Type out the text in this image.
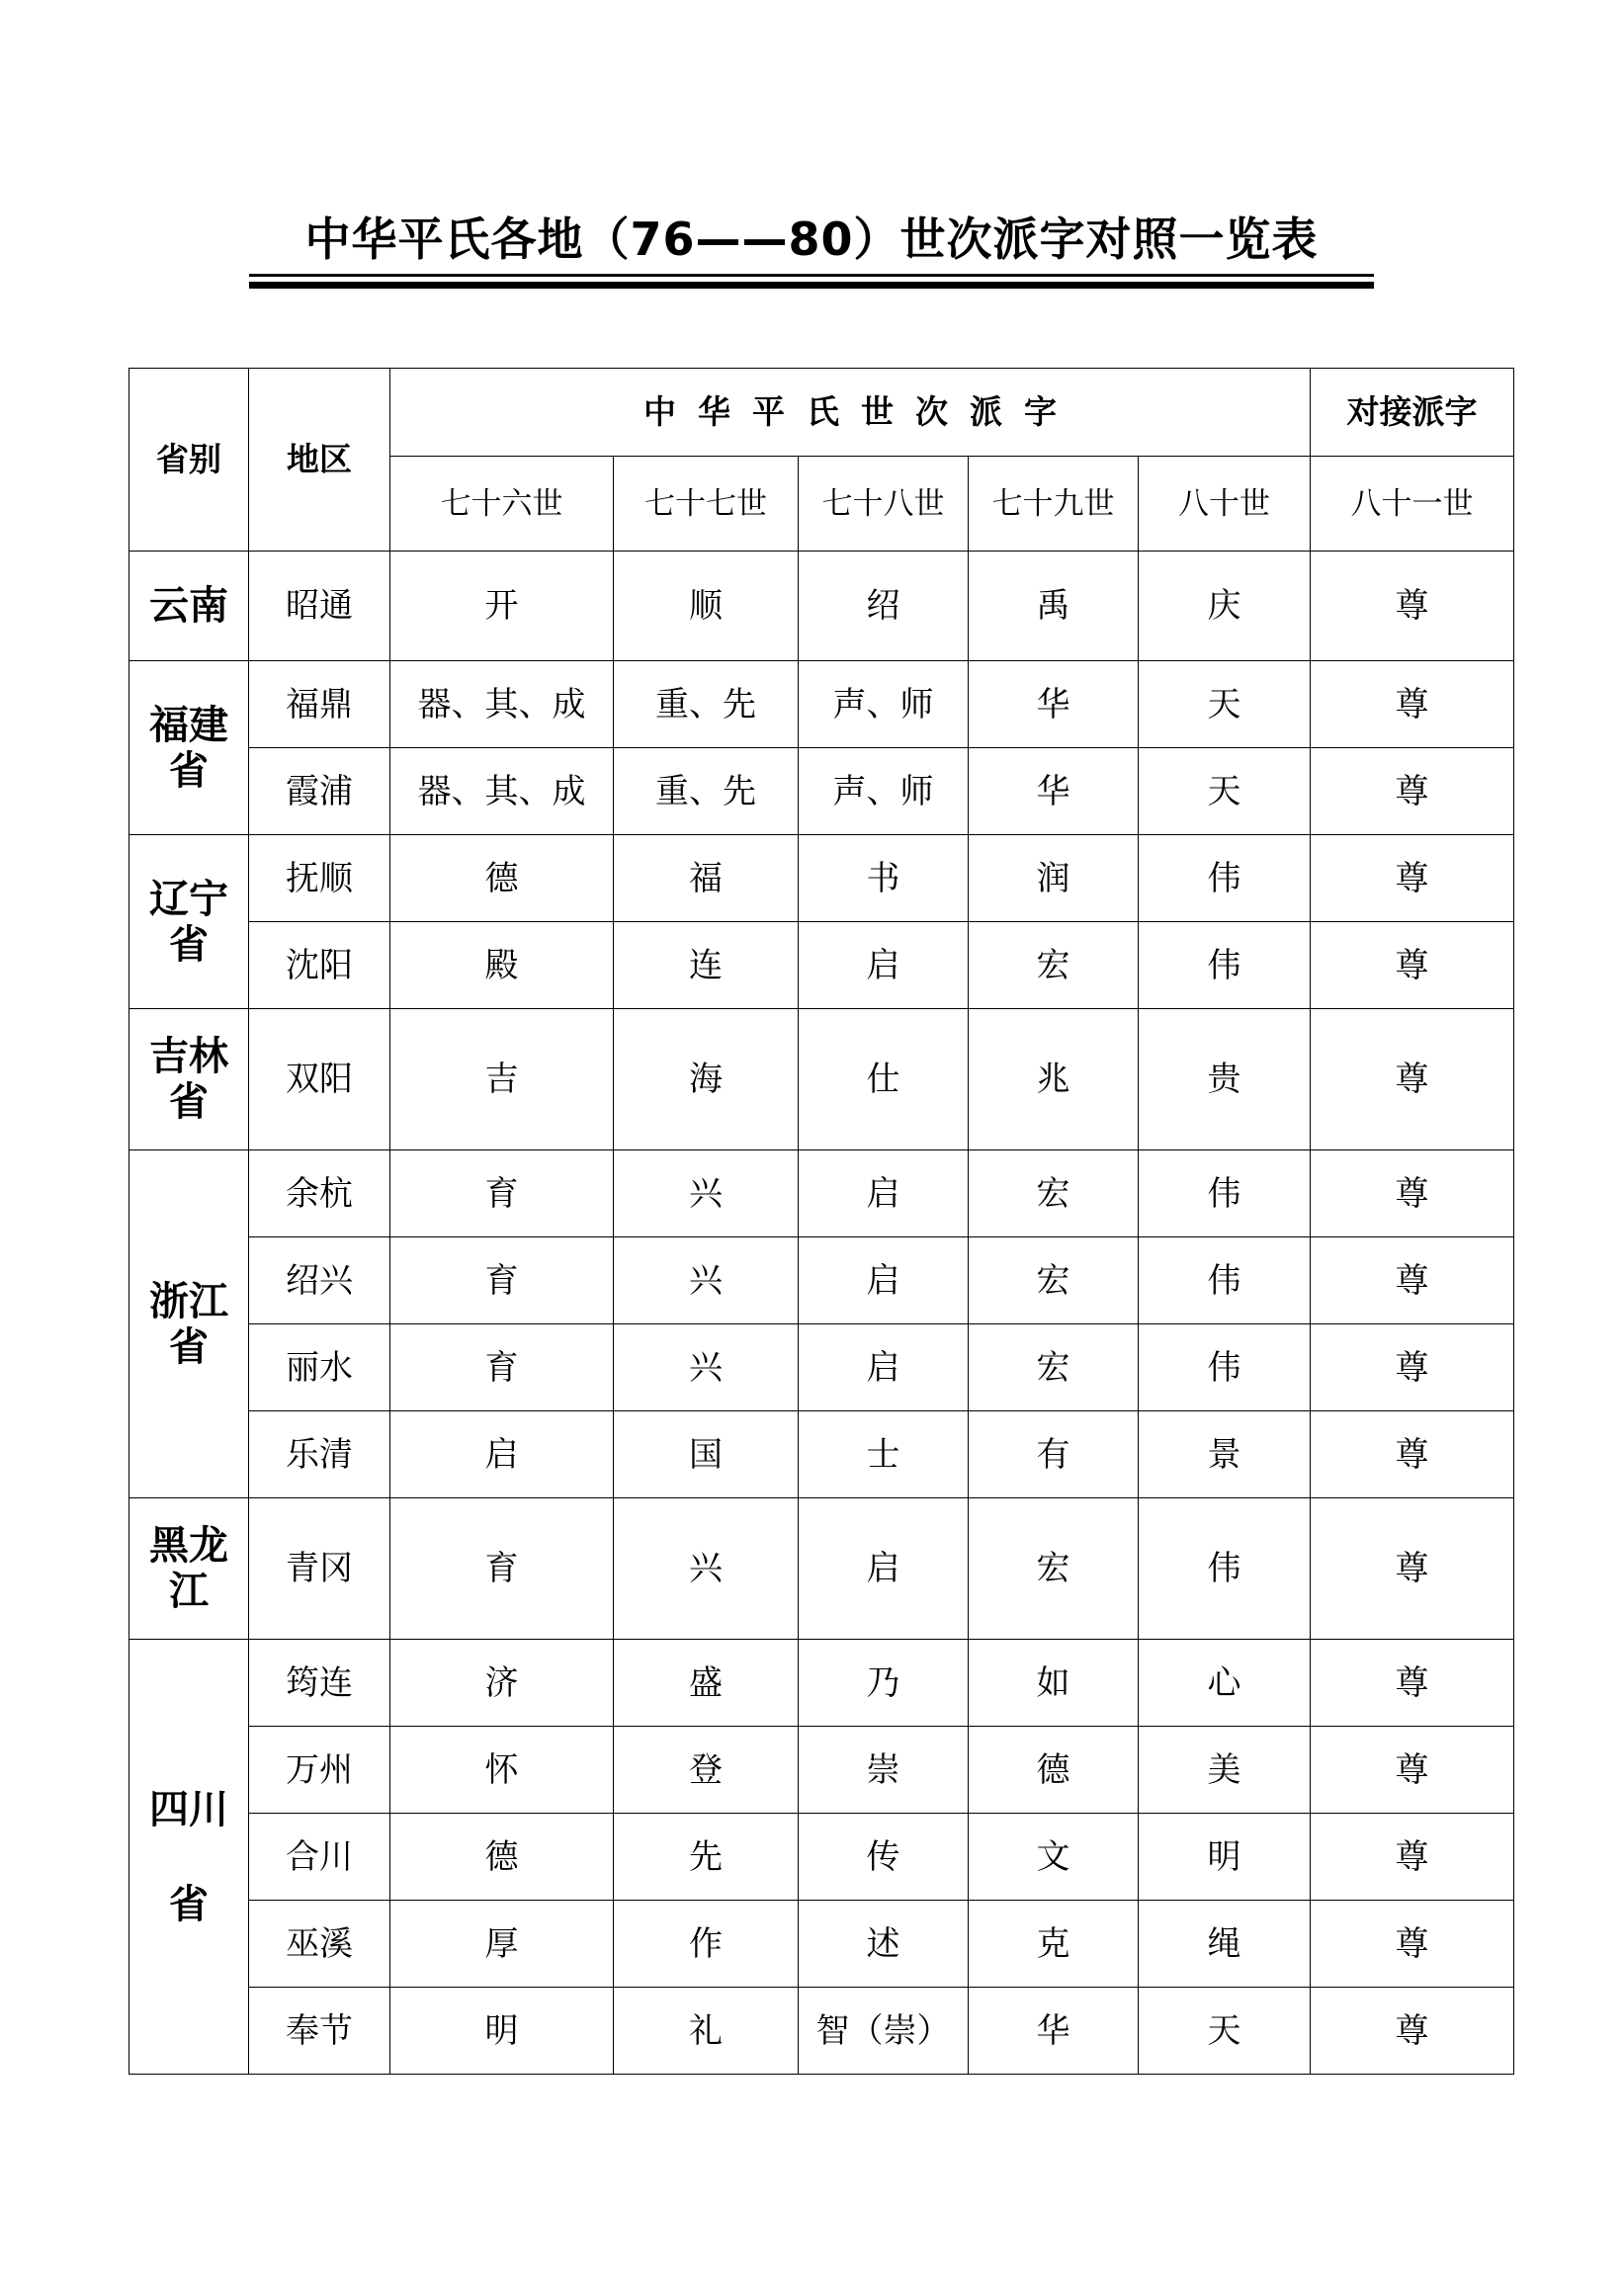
中华平氏各地（76——80）世次派字对照一览表
省别	地区	中华平氏世次派字					对接派字
		七十六世	七十七世	七十八世	七十九世	八十世	八十一世
云南	昭通	开	顺	绍	禹	庆	尊
福建省	福鼎	器、其、成	重、先	声、师	华	天	尊
	霞浦	器、其、成	重、先	声、师	华	天	尊
辽宁省	抚顺	德	福	书	润	伟	尊
	沈阳	殿	连	启	宏	伟	尊
吉林省	双阳	吉	海	仕	兆	贵	尊
浙江省	余杭	育	兴	启	宏	伟	尊
	绍兴	育	兴	启	宏	伟	尊
	丽水	育	兴	启	宏	伟	尊
	乐清	启	国	士	有	景	尊
黑龙江	青冈	育	兴	启	宏	伟	尊
四川省	筠连	济	盛	乃	如	心	尊
	万州	怀	登	崇	德	美	尊
	合川	德	先	传	文	明	尊
	巫溪	厚	作	述	克	绳	尊
	奉节	明	礼	智（崇）	华	天	尊
